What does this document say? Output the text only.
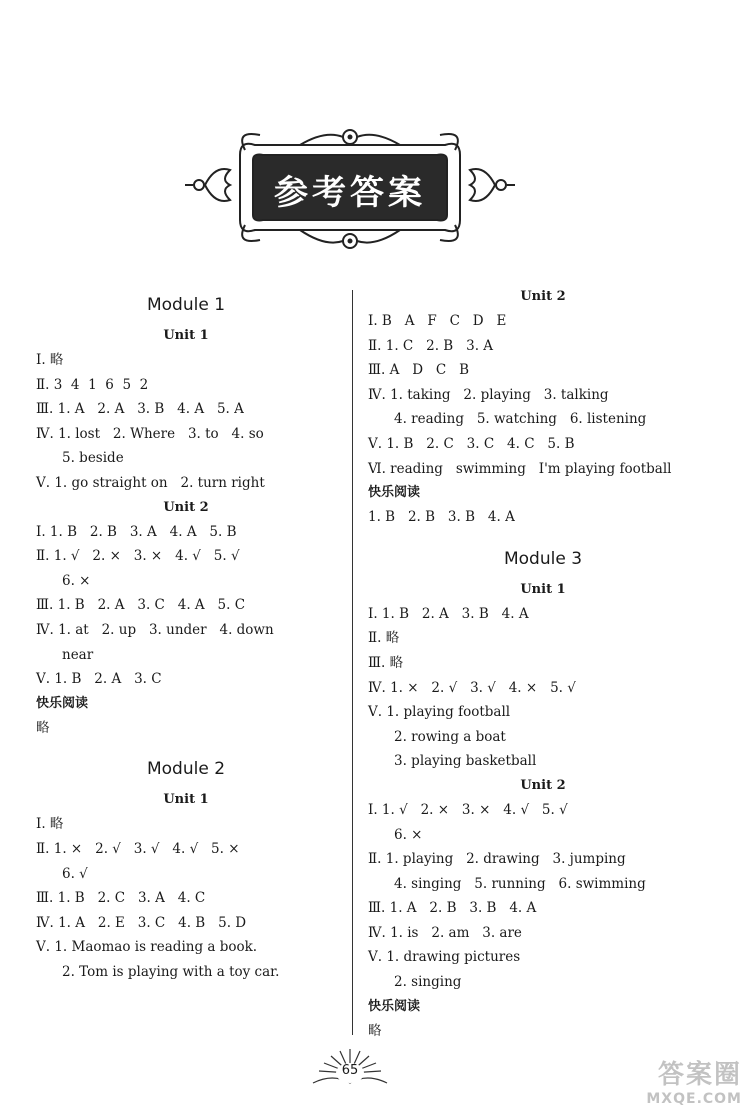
参考答案

Module 1

Unit 1

Ⅰ. 略

Ⅱ. 3  4  1  6  5  2

Ⅲ. 1. A   2. A   3. B   4. A   5. A

Ⅳ. 1. lost   2. Where   3. to   4. so

5. beside

Ⅴ. 1. go straight on   2. turn right

Unit 2

Ⅰ. 1. B   2. B   3. A   4. A   5. B

Ⅱ. 1. √   2. ×   3. ×   4. √   5. √

6. ×

Ⅲ. 1. B   2. A   3. C   4. A   5. C

Ⅳ. 1. at   2. up   3. under   4. down

near

Ⅴ. 1. B   2. A   3. C

快乐阅读

略

Module 2

Unit 1

Ⅰ. 略

Ⅱ. 1. ×   2. √   3. √   4. √   5. ×

6. √

Ⅲ. 1. B   2. C   3. A   4. C

Ⅳ. 1. A   2. E   3. C   4. B   5. D

Ⅴ. 1. Maomao is reading a book.

2. Tom is playing with a toy car.

Unit 2

Ⅰ. B   A   F   C   D   E

Ⅱ. 1. C   2. B   3. A

Ⅲ. A   D   C   B

Ⅳ. 1. taking   2. playing   3. talking

4. reading   5. watching   6. listening

Ⅴ. 1. B   2. C   3. C   4. C   5. B

Ⅵ. reading   swimming   I'm playing football

快乐阅读

1. B   2. B   3. B   4. A

Module 3

Unit 1

Ⅰ. 1. B   2. A   3. B   4. A

Ⅱ. 略

Ⅲ. 略

Ⅳ. 1. ×   2. √   3. √   4. ×   5. √

Ⅴ. 1. playing football

2. rowing a boat

3. playing basketball

Unit 2

Ⅰ. 1. √   2. ×   3. ×   4. √   5. √

6. ×

Ⅱ. 1. playing   2. drawing   3. jumping

4. singing   5. running   6. swimming

Ⅲ. 1. A   2. B   3. B   4. A

Ⅳ. 1. is   2. am   3. are

Ⅴ. 1. drawing pictures

2. singing

快乐阅读

略

65	答案圈
MXQE.COM
